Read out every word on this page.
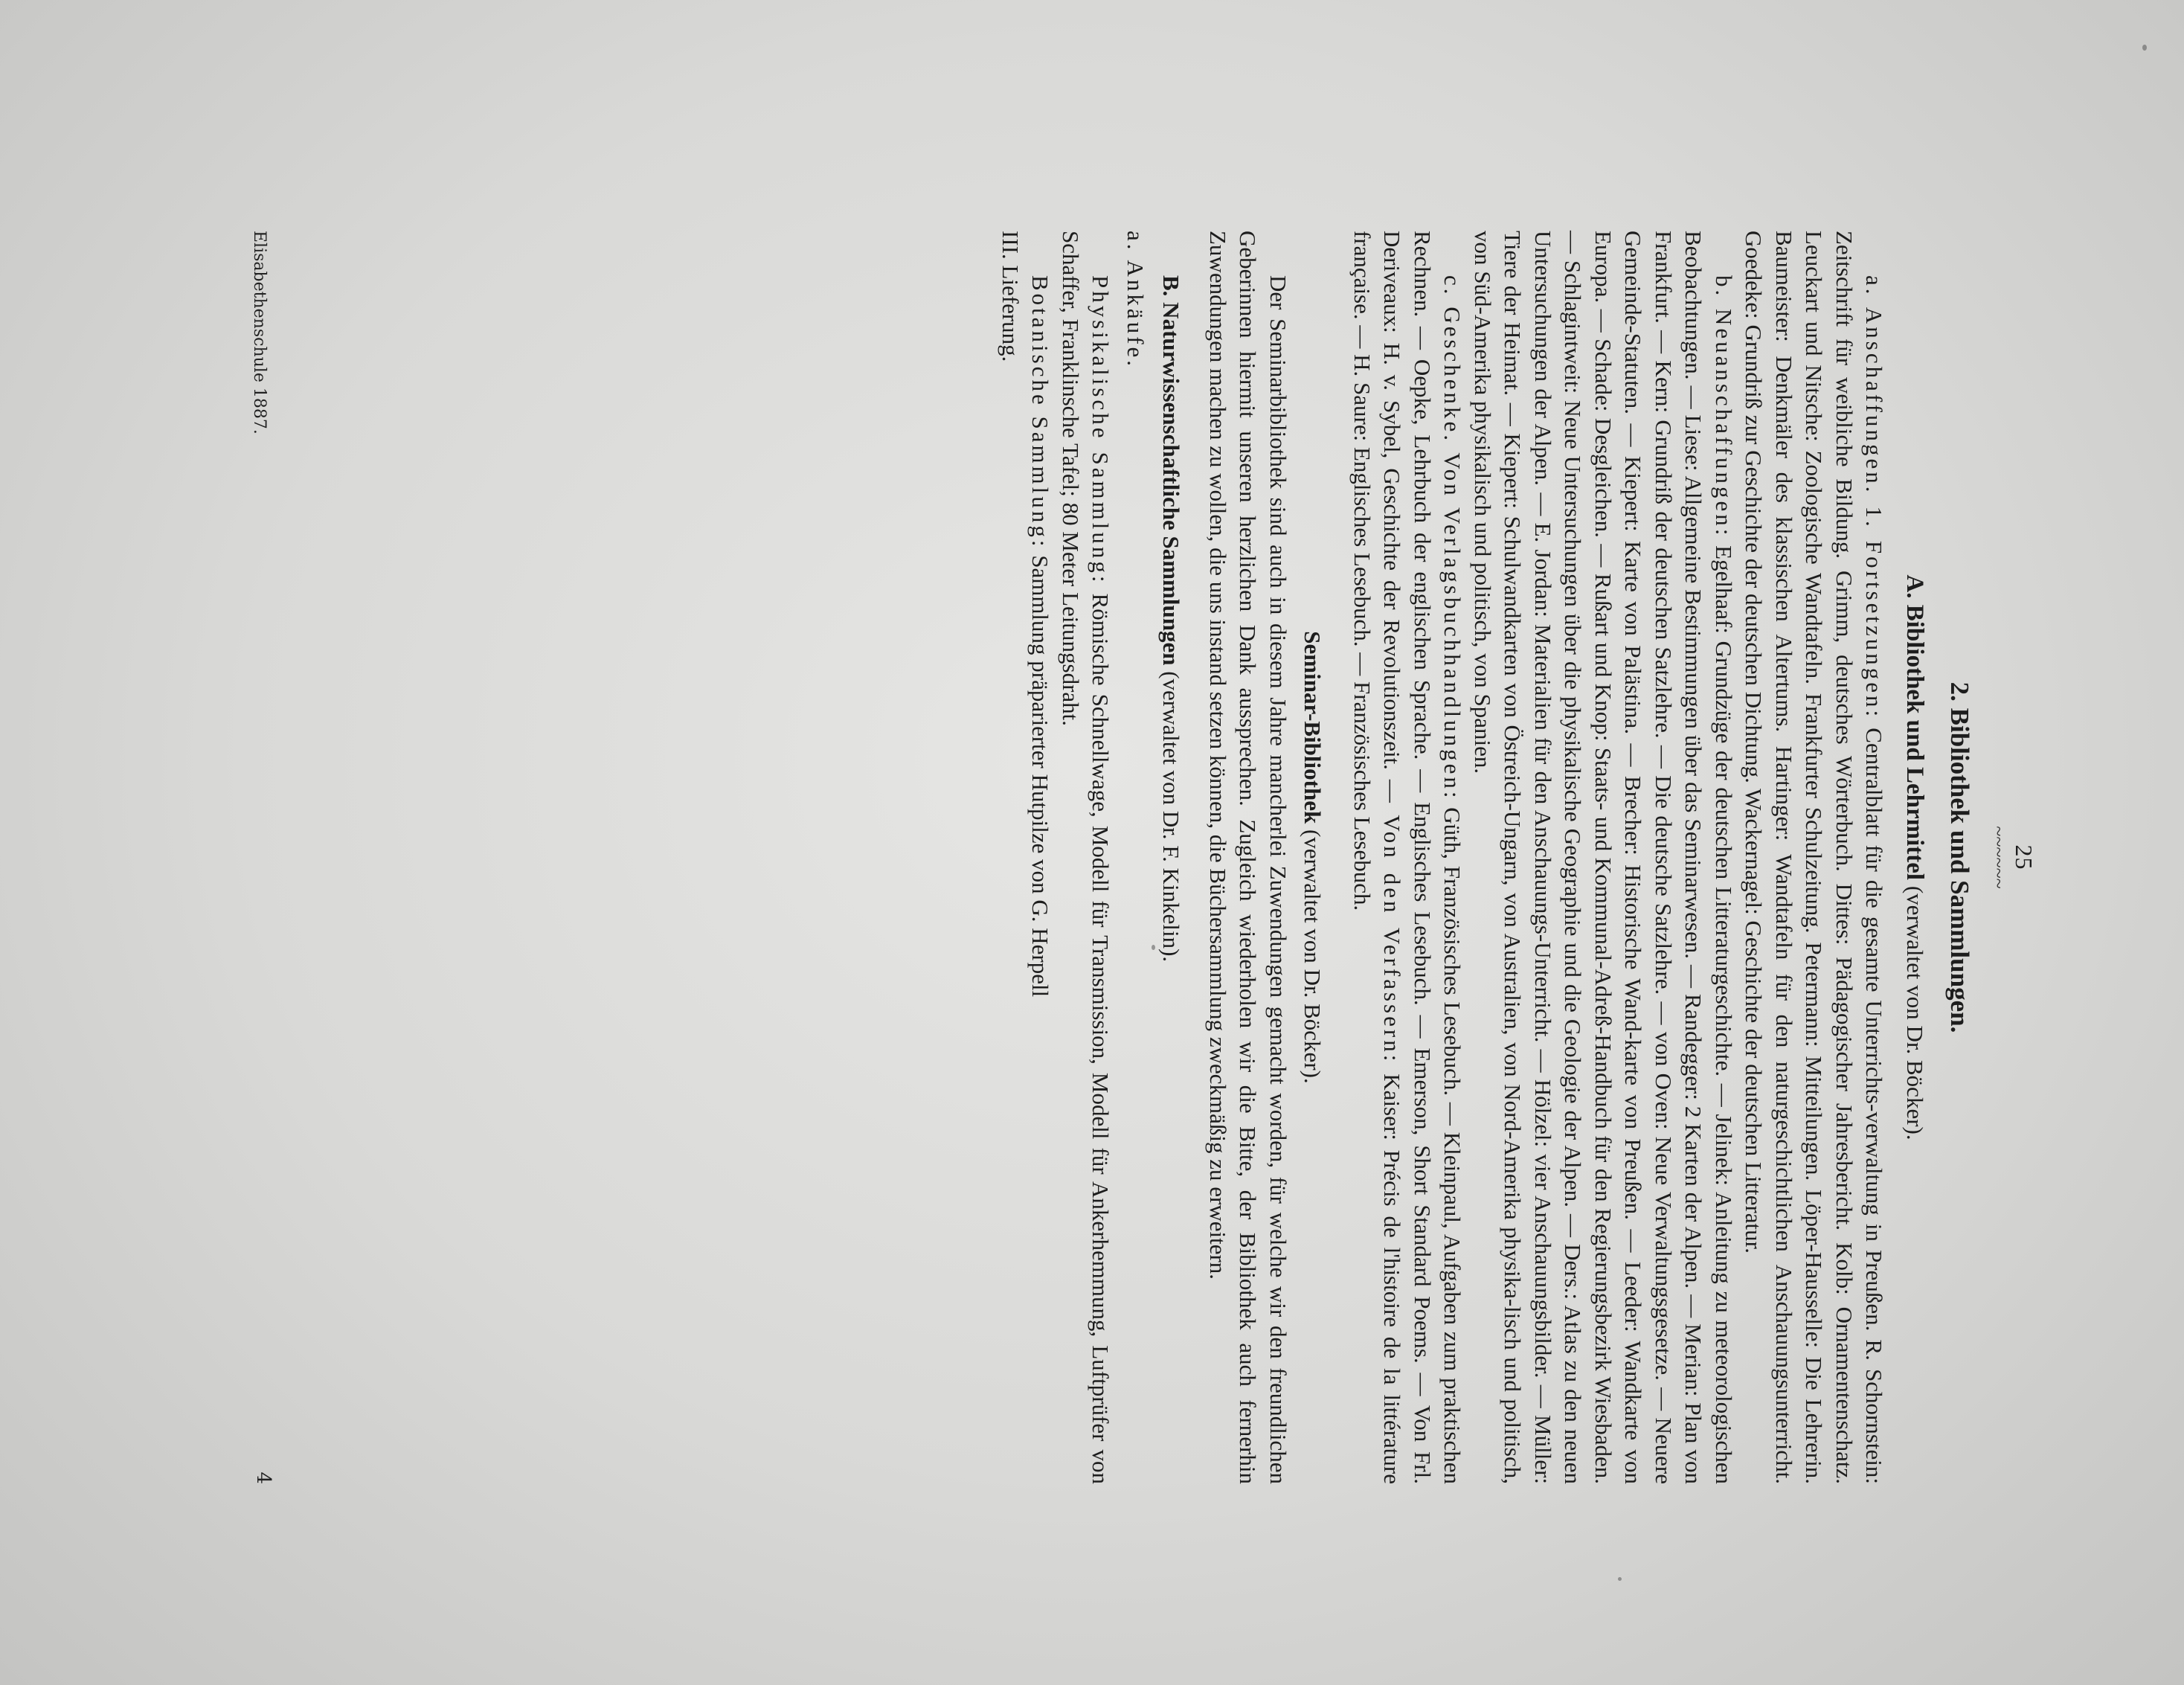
25
~~~~~~
2. Bibliothek und Sammlungen.
A. Bibliothek und Lehrmittel (verwaltet von Dr. Böcker).

a. Anschaffungen. 1. Fortsetzungen: Centralblatt für die gesamte Unterrichts-verwaltung in Preußen. R. Schornstein: Zeitschrift für weibliche Bildung. Grimm, deutsches Wörterbuch. Dittes: Pädagogischer Jahresbericht. Kolb: Ornamentenschatz. Leuckart und Nitsche: Zoologische Wandtafeln. Frankfurter Schulzeitung. Petermann: Mitteilungen. Löper-Hausselle: Die Lehrerin. Baumeister: Denkmäler des klassischen Altertums. Hartinger: Wandtafeln für den naturgeschichtlichen Anschauungsunterricht. Goedeke: Grundriß zur Geschichte der deutschen Dichtung. Wackernagel: Geschichte der deutschen Litteratur.

b. Neuanschaffungen: Egelhaaf: Grundzüge der deutschen Litteraturgeschichte. — Jelinek: Anleitung zu meteorologischen Beobachtungen. — Liese: Allgemeine Bestimmungen über das Seminarwesen. — Randegger: 2 Karten der Alpen. — Merian: Plan von Frankfurt. — Kern: Grundriß der deutschen Satzlehre. — Die deutsche Satzlehre. — von Oven: Neue Verwaltungsgesetze. — Neuere Gemeinde-Statuten. — Kiepert: Karte von Palästina. — Brecher: Historische Wand-karte von Preußen. — Leeder: Wandkarte von Europa. — Schade: Desgleichen. — Rußart und Knop: Staats- und Kommunal-Adreß-Handbuch für den Regierungsbezirk Wiesbaden. — Schlagintweit: Neue Untersuchungen über die physikalische Geographie und die Geologie der Alpen. — Ders.: Atlas zu den neuen Untersuchungen der Alpen. — E. Jordan: Materialien für den Anschauungs-Unterricht. — Hölzel: vier Anschauungsbilder. — Müller: Tiere der Heimat. — Kiepert: Schulwandkarten von Östreich-Ungarn, von Australien, von Nord-Amerika physika-lisch und politisch, von Süd-Amerika physikalisch und politisch, von Spanien.

c. Geschenke. Von Verlagsbuchhandlungen: Güth, Französisches Lesebuch. — Kleinpaul, Aufgaben zum praktischen Rechnen. — Oepke, Lehrbuch der englischen Sprache. — Englisches Lesebuch. — Emerson, Short Standard Poems. — Von Frl. Deriveaux: H. v. Sybel, Geschichte der Revolutionszeit. — Von den Verfassern: Kaiser: Précis de l'histoire de la littérature française. — H. Saure: Englisches Lesebuch. — Französisches Lesebuch.

Seminar-Bibliothek (verwaltet von Dr. Böcker).

Der Seminarbibliothek sind auch in diesem Jahre mancherlei Zuwendungen gemacht worden, für welche wir den freundlichen Geberinnen hiermit unseren herzlichen Dank aussprechen. Zugleich wiederholen wir die Bitte, der Bibliothek auch fernerhin Zuwendungen machen zu wollen, die uns instand setzen können, die Büchersammlung zweckmäßig zu erweitern.

B. Naturwissenschaftliche Sammlungen (verwaltet von Dr. F. Kinkelin).
a. Ankäufe.

Physikalische Sammlung: Römische Schnellwage, Modell für Transmission, Modell für Ankerhemmung, Luftprüfer von Schaffer, Franklinsche Tafel; 80 Meter Leitungsdraht.

Botanische Sammlung: Sammlung präparierter Hutpilze von G. Herpell

III. Lieferung.
Elisabethenschule 1887.
4
